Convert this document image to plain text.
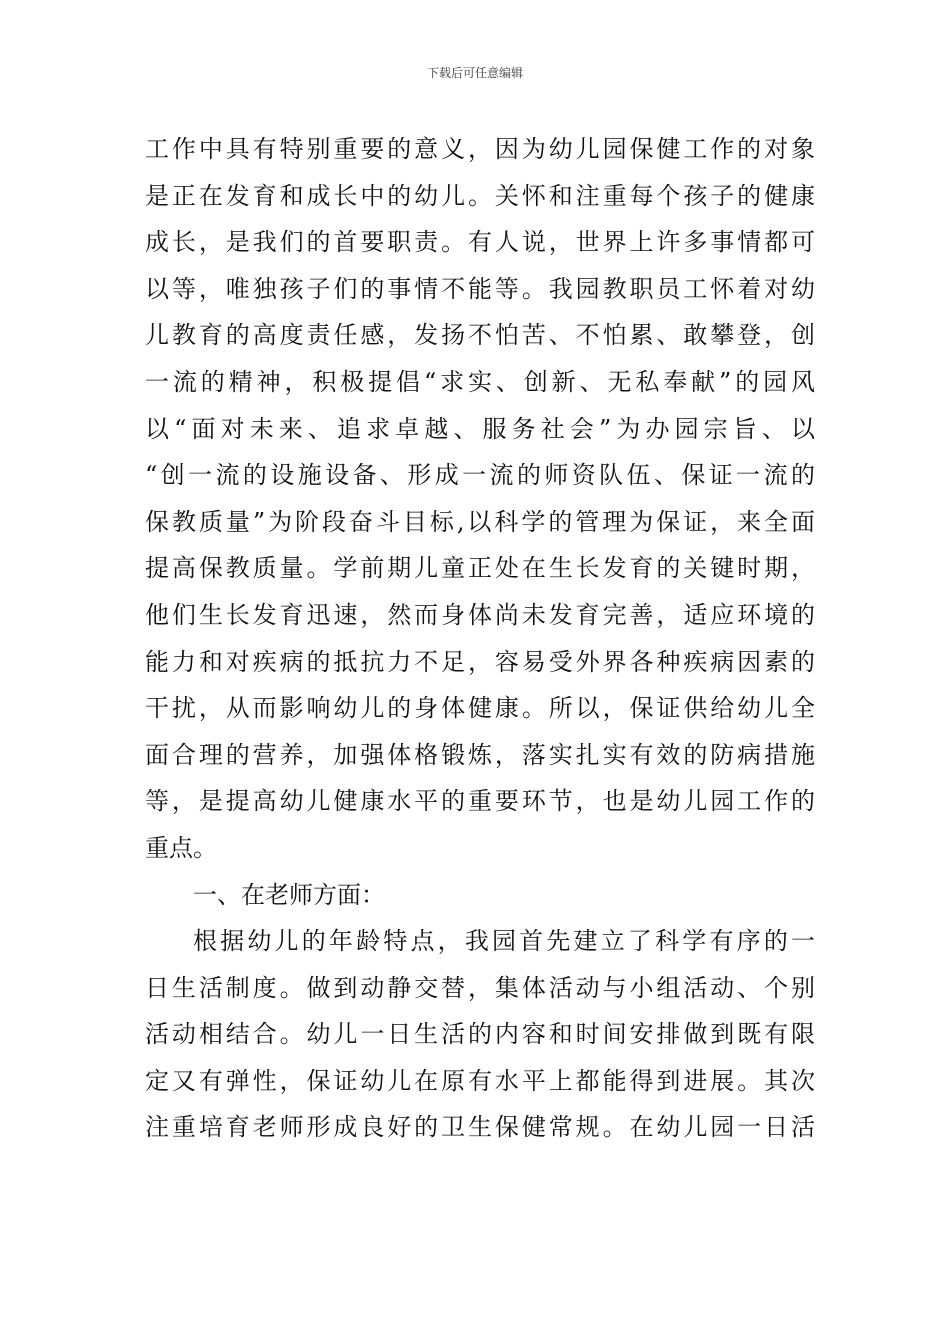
下载后可任意编辑
工作中具有特别重要的意义，因为幼儿园保健工作的对象
是正在发育和成长中的幼儿。关怀和注重每个孩子的健康
成长，是我们的首要职责。有人说，世界上许多事情都可
以等，唯独孩子们的事情不能等。我园教职员工怀着对幼
儿教育的高度责任感，发扬不怕苦、不怕累、敢攀登，创
一流的精神，积极提倡“求实、创新、无私奉献”的园风
以“面对未来、追求卓越、服务社会”为办园宗旨、以
“创一流的设施设备、形成一流的师资队伍、保证一流的
保教质量”为阶段奋斗目标,以科学的管理为保证，来全面
提高保教质量。学前期儿童正处在生长发育的关键时期，
他们生长发育迅速，然而身体尚未发育完善，适应环境的
能力和对疾病的抵抗力不足，容易受外界各种疾病因素的
干扰，从而影响幼儿的身体健康。所以，保证供给幼儿全
面合理的营养，加强体格锻炼，落实扎实有效的防病措施
等，是提高幼儿健康水平的重要环节，也是幼儿园工作的
重点。
一、在老师方面：
根据幼儿的年龄特点，我园首先建立了科学有序的一
日生活制度。做到动静交替，集体活动与小组活动、个别
活动相结合。幼儿一日生活的内容和时间安排做到既有限
定又有弹性，保证幼儿在原有水平上都能得到进展。其次
注重培育老师形成良好的卫生保健常规。在幼儿园一日活
